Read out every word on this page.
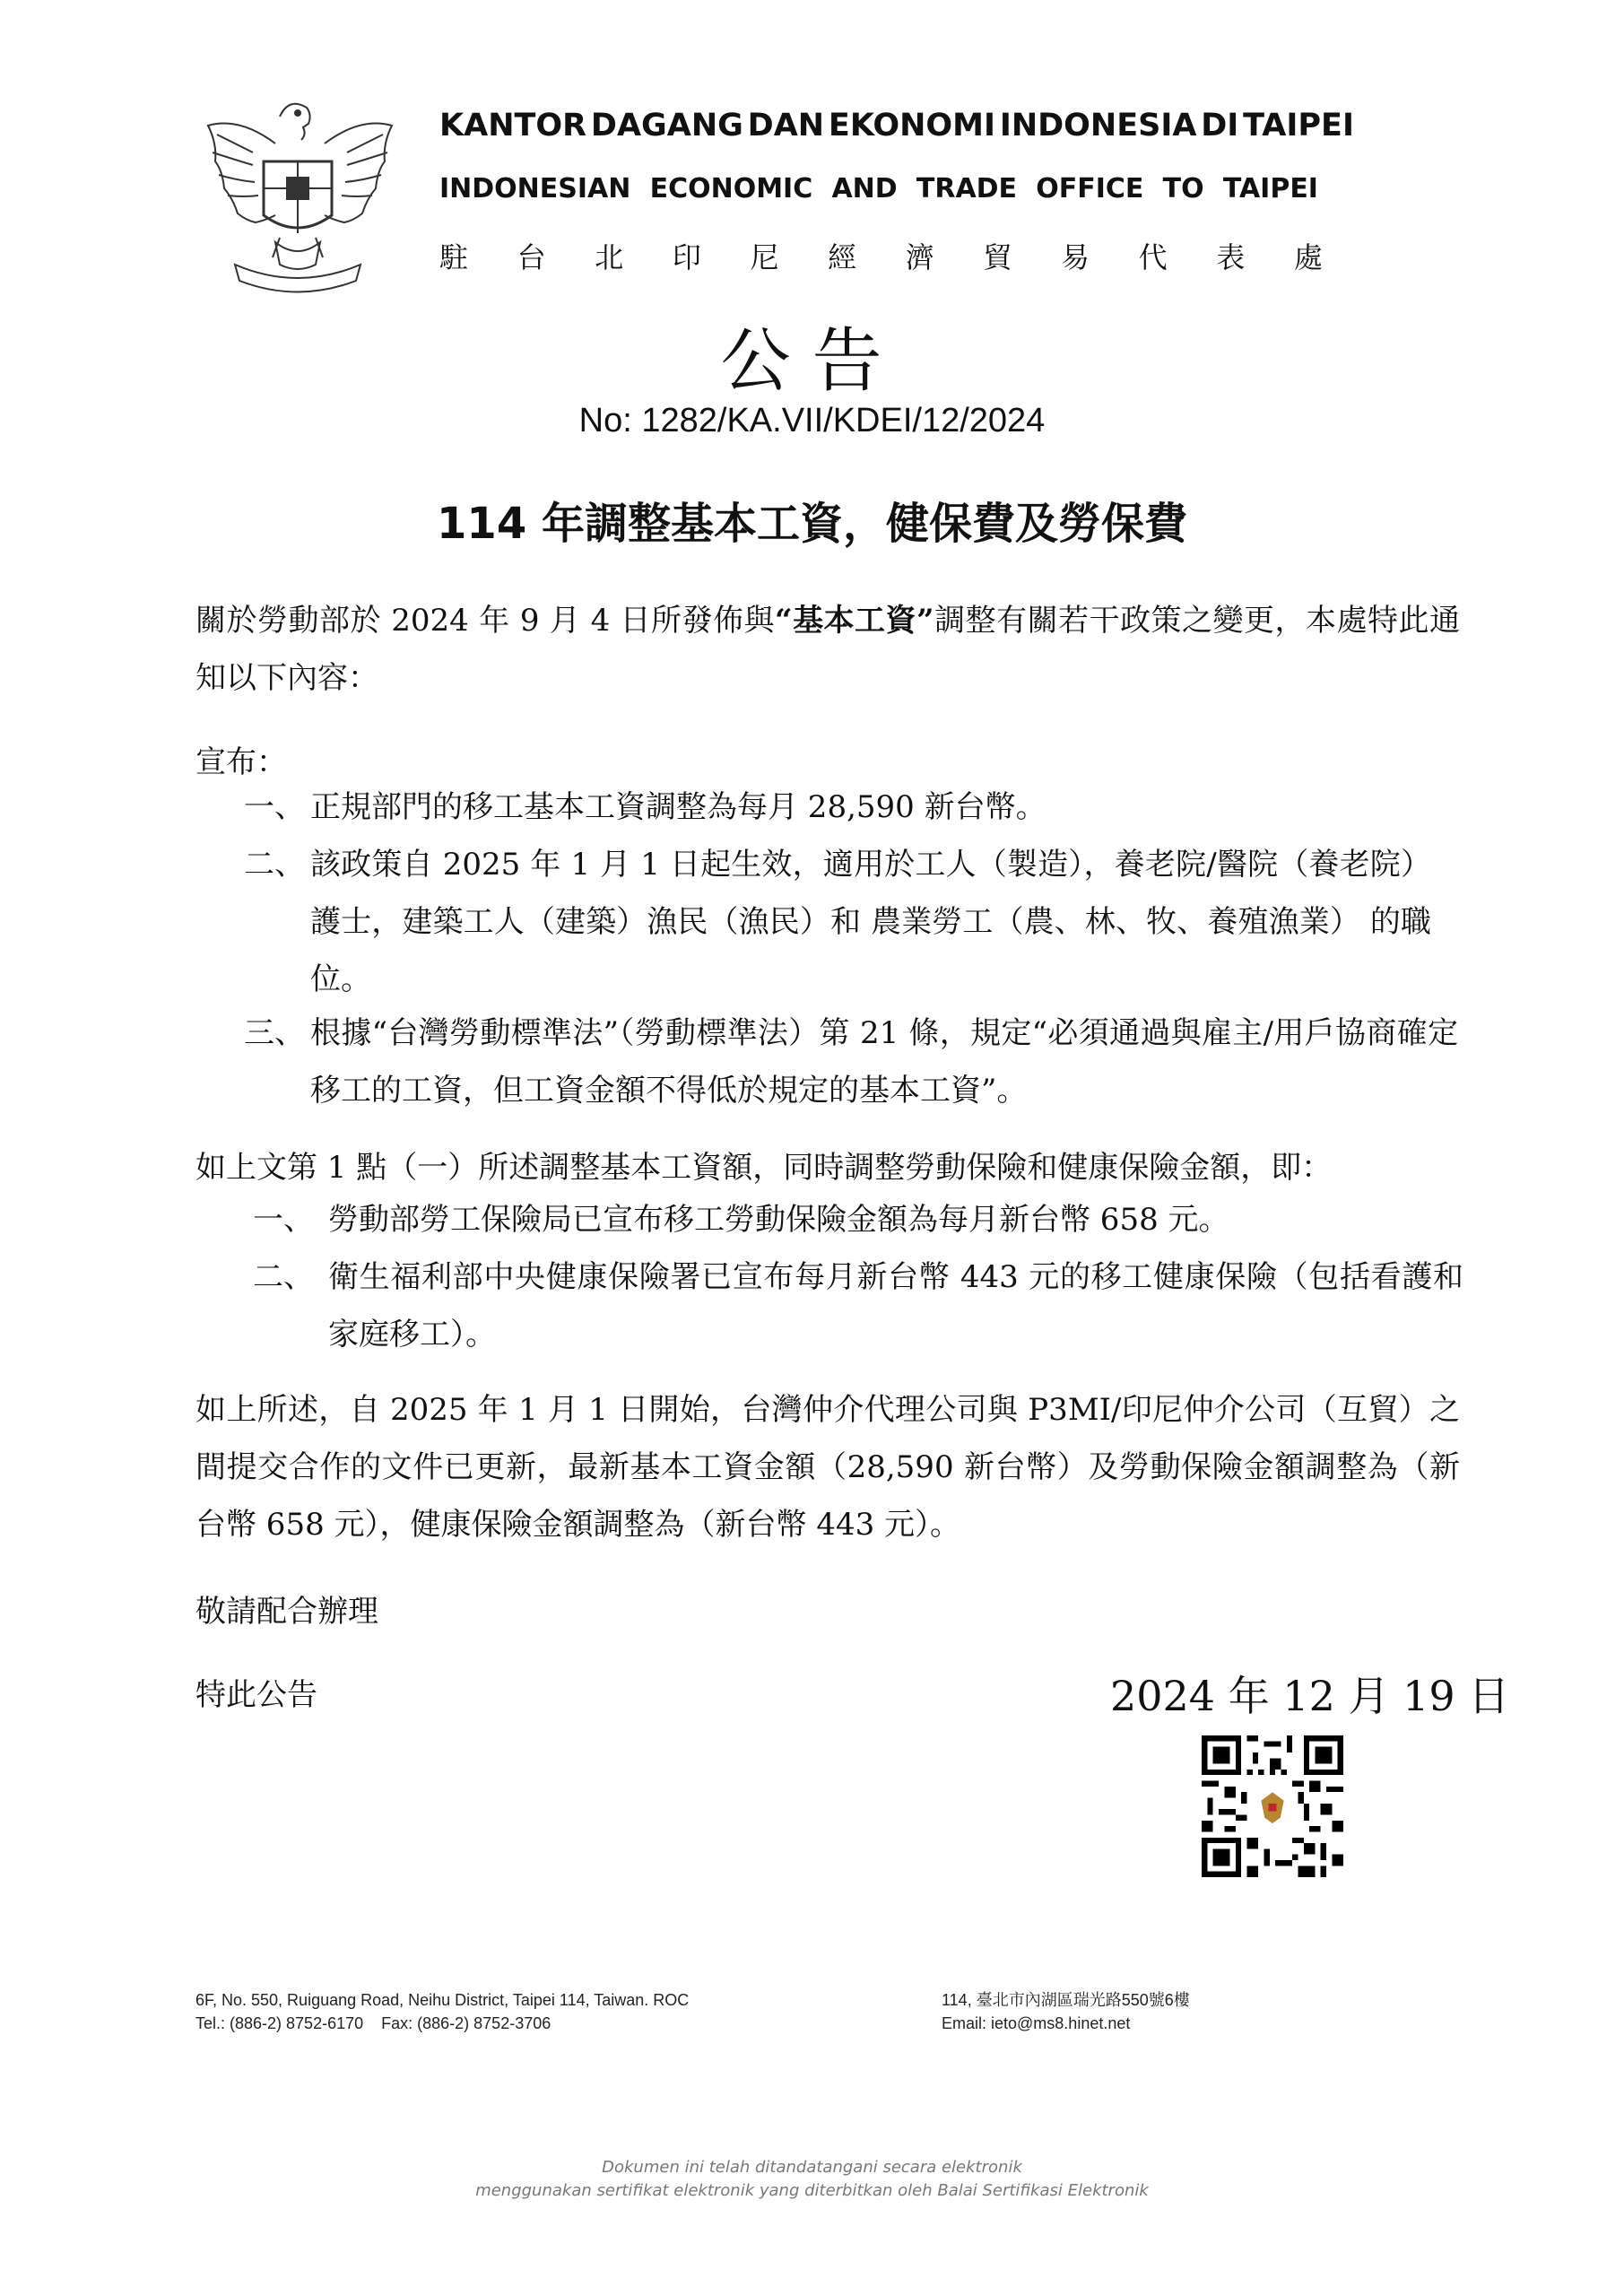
KANTOR DAGANG DAN EKONOMI INDONESIA DI TAIPEI
INDONESIAN ECONOMIC AND TRADE OFFICE TO TAIPEI
駐 台 北 印 尼 經 濟 貿 易 代 表 處
公告
No: 1282/KA.VII/KDEI/12/2024
114 年調整基本工資，健保費及勞保費
關於勞動部於 2024 年 9 月 4 日所發佈與“基本工資”調整有關若干政策之變更，本處特此通知以下內容：
宣布：
一、 正規部門的移工基本工資調整為每月 28,590 新台幣。
二、 該政策自 2025 年 1 月 1 日起生效，適用於工人（製造），養老院/醫院（養老院）護士，建築工人（建築）漁民（漁民）和 農業勞工（農、林、牧、養殖漁業） 的職位。
三、 根據“台灣勞動標準法”（勞動標準法）第 21 條，規定“必須通過與雇主/用戶協商確定移工的工資，但工資金額不得低於規定的基本工資”。
如上文第 1 點（一）所述調整基本工資額，同時調整勞動保險和健康保險金額，即：
一、 勞動部勞工保險局已宣布移工勞動保險金額為每月新台幣 658 元。
二、 衛生福利部中央健康保險署已宣布每月新台幣 443 元的移工健康保險（包括看護和家庭移工）。
如上所述，自 2025 年 1 月 1 日開始，台灣仲介代理公司與 P3MI/印尼仲介公司（互貿）之間提交合作的文件已更新，最新基本工資金額（28,590 新台幣）及勞動保險金額調整為（新台幣 658 元），健康保險金額調整為（新台幣 443 元）。
敬請配合辦理
特此公告	2024 年 12 月 19 日
6F, No. 550, Ruiguang Road, Neihu District, Taipei 114, Taiwan. ROC
Tel.: (886-2) 8752-6170    Fax: (886-2) 8752-3706
114, 臺北市內湖區瑞光路550號6樓
Email: ieto@ms8.hinet.net
Dokumen ini telah ditandatangani secara elektronik
menggunakan sertifikat elektronik yang diterbitkan oleh Balai Sertifikasi Elektronik
